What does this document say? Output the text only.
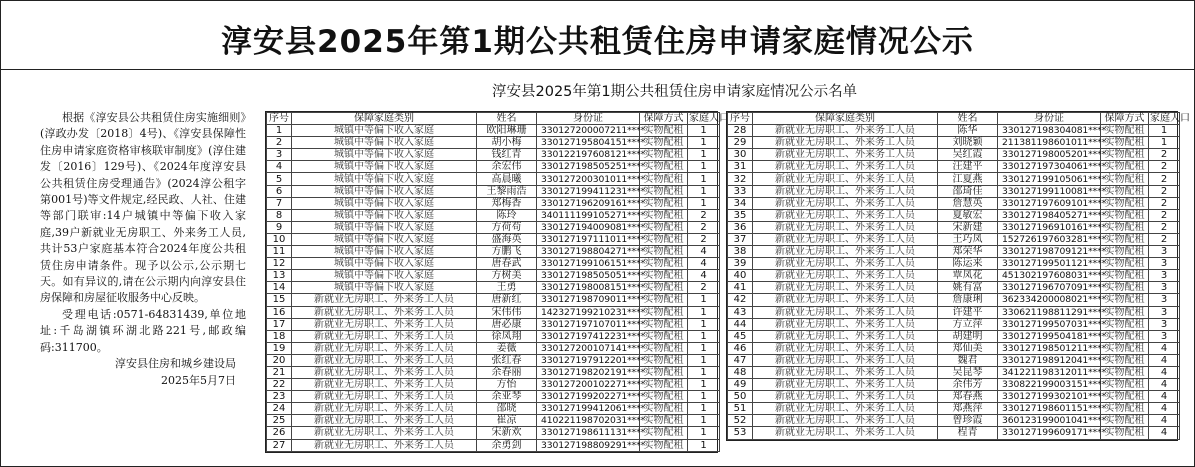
淳安县2025年第1期公共租赁住房申请家庭情况公示
淳安县2025年第1期公共租赁住房申请家庭情况公示名单

根据《淳安县公共租赁住房实施细则》(淳政办发〔2018〕4号)、《淳安县保障性住房申请家庭资格审核联审制度》(淳住建发〔2016〕129号)、《2024年度淳安县公共租赁住房受理通告》(2024淳公租字第001号)等文件规定,经民政、人社、住建等部门联审:14户城镇中等偏下收入家庭,39户新就业无房职工、外来务工人员,共计53户家庭基本符合2024年度公共租赁住房申请条件。现予以公示,公示期七天。如有异议的,请在公示期内向淳安县住房保障和房屋征收服务中心反映。

受理电话:0571-64831439,单位地址:千岛湖镇环湖北路221号,邮政编码:311700。

淳安县住房和城乡建设局

2025年5月7日

序号	保障家庭类别	姓名	身份证	保障方式	家庭人口
1	城镇中等偏下收入家庭	欧阳琳珊	330127200007211****	实物配租	1
2	城镇中等偏下收入家庭	胡小梅	330127195804151****	实物配租	1
3	城镇中等偏下收入家庭	钱红青	330122197608121****	实物配租	1
4	城镇中等偏下收入家庭	余宏伟	330127198505251****	实物配租	1
5	城镇中等偏下收入家庭	高晨曦	330127200301011****	实物配租	1
6	城镇中等偏下收入家庭	王黎雨浩	330127199411231****	实物配租	1
7	城镇中等偏下收入家庭	郑梅香	330127196209161****	实物配租	1
8	城镇中等偏下收入家庭	陈玲	340111199105271****	实物配租	2
9	城镇中等偏下收入家庭	方荷苟	330127194009081****	实物配租	2
10	城镇中等偏下收入家庭	盛海英	330127197111011****	实物配租	2
11	城镇中等偏下收入家庭	方鹏飞	330127198804271****	实物配租	4
12	城镇中等偏下收入家庭	唐春武	330127199106151****	实物配租	4
13	城镇中等偏下收入家庭	方树美	330127198505051****	实物配租	4
14	城镇中等偏下收入家庭	王勇	330127198008151****	实物配租	2
15	新就业无房职工、外来务工人员	唐新红	330127198709011****	实物配租	1
16	新就业无房职工、外来务工人员	宋伟伟	142327199210231****	实物配租	1
17	新就业无房职工、外来务工人员	唐必康	330127197107011****	实物配租	1
18	新就业无房职工、外来务工人员	徐凤翔	330127197412231****	实物配租	1
19	新就业无房职工、外来务工人员	姜薇	330127200107141****	实物配租	1
20	新就业无房职工、外来务工人员	张红春	330127197912201****	实物配租	1
21	新就业无房职工、外来务工人员	余春丽	330127198202191****	实物配租	1
22	新就业无房职工、外来务工人员	方怡	330127200102271****	实物配租	1
23	新就业无房职工、外来务工人员	余亚琴	330127199202271****	实物配租	1
24	新就业无房职工、外来务工人员	邵晓	330127199412061****	实物配租	1
25	新就业无房职工、外来务工人员	崔凉	410221198702031****	实物配租	1
26	新就业无房职工、外来务工人员	宋新欢	330127198611131****	实物配租	1
27	新就业无房职工、外来务工人员	余勇剑	330127198809291****	实物配租	1
序号	保障家庭类别	姓名	身份证	保障方式	家庭人口
28	新就业无房职工、外来务工人员	陈华	330127198304081****	实物配租	1
29	新就业无房职工、外来务工人员	刘晓颖	211381198601011****	实物配租	1
30	新就业无房职工、外来务工人员	吴红霞	330127198005201****	实物配租	2
31	新就业无房职工、外来务工人员	汪建平	330127197304061****	实物配租	2
32	新就业无房职工、外来务工人员	江夏燕	330127199105061****	实物配租	2
33	新就业无房职工、外来务工人员	邵琦佳	330127199110081****	实物配租	2
34	新就业无房职工、外来务工人员	詹慧英	330127197609101****	实物配租	2
35	新就业无房职工、外来务工人员	夏敏宏	330127198405271****	实物配租	2
36	新就业无房职工、外来务工人员	宋新建	330127196910161****	实物配租	2
37	新就业无房职工、外来务工人员	王巧凤	152726197603281****	实物配租	2
38	新就业无房职工、外来务工人员	郑荣华	330127198709121****	实物配租	3
39	新就业无房职工、外来务工人员	陈运来	330127199501121****	实物配租	3
40	新就业无房职工、外来务工人员	覃凤花	451302197608031****	实物配租	3
41	新就业无房职工、外来务工人员	姚有富	330127196707091****	实物配租	3
42	新就业无房职工、外来务工人员	詹康琍	362334200008021****	实物配租	3
43	新就业无房职工、外来务工人员	许建平	330621198811291****	实物配租	3
44	新就业无房职工、外来务工人员	方立萍	330127199507031****	实物配租	3
45	新就业无房职工、外来务工人员	胡建明	330127199504181****	实物配租	3
46	新就业无房职工、外来务工人员	郑仙美	330127198501211****	实物配租	4
47	新就业无房职工、外来务工人员	魏君	330127198912041****	实物配租	4
48	新就业无房职工、外来务工人员	吴昆琴	341221198312011****	实物配租	4
49	新就业无房职工、外来务工人员	余伟芳	330822199003151****	实物配租	4
50	新就业无房职工、外来务工人员	郑春燕	330127199302101****	实物配租	4
51	新就业无房职工、外来务工人员	郑燕萍	330127198601151****	实物配租	4
52	新就业无房职工、外来务工人员	曾珍霞	360123199001041****	实物配租	4
53	新就业无房职工、外来务工人员	程青	330127199609171****	实物配租	4
